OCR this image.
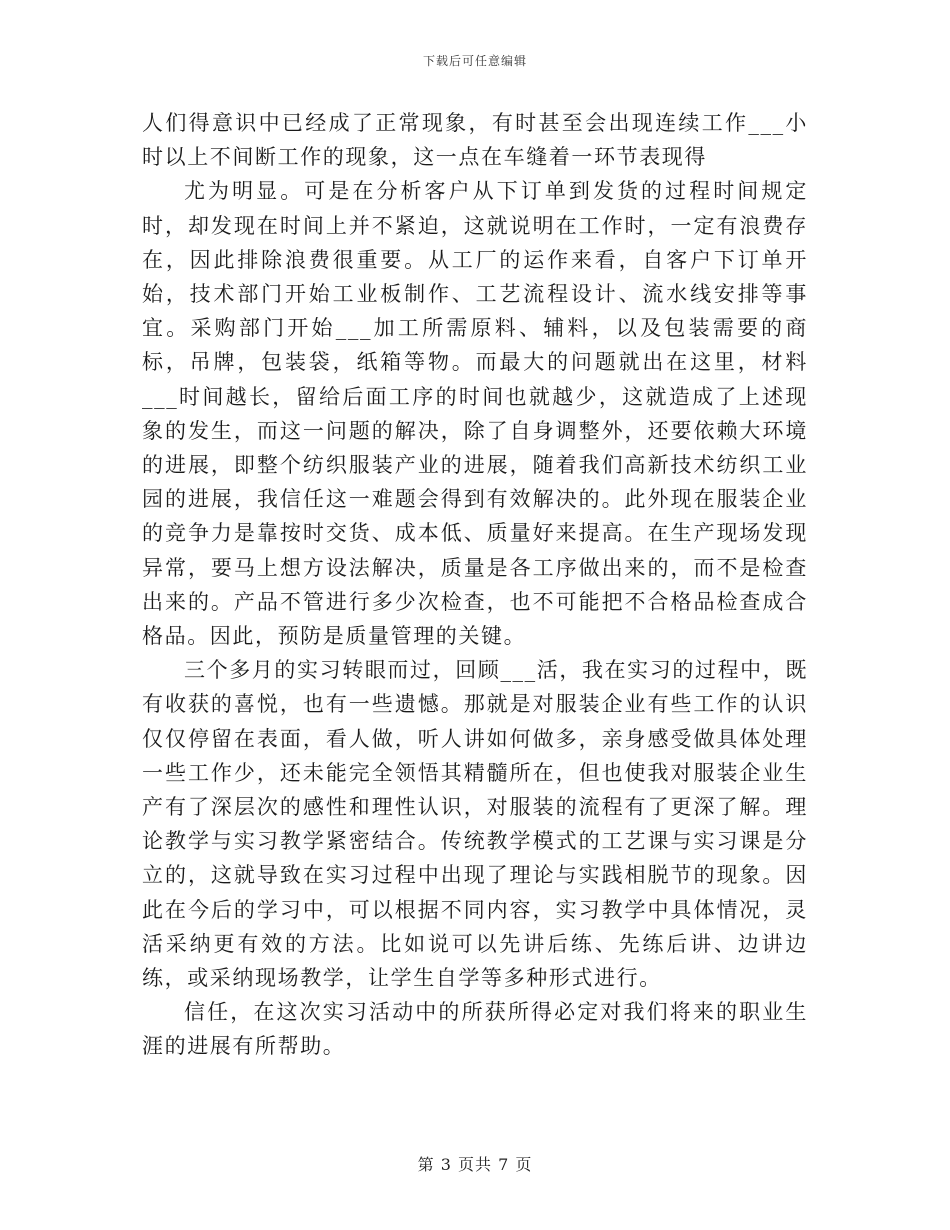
下载后可任意编辑

人们得意识中已经成了正常现象，有时甚至会出现连续工作___小时以上不间断工作的现象，这一点在车缝着一环节表现得

尤为明显。可是在分析客户从下订单到发货的过程时间规定时，却发现在时间上并不紧迫，这就说明在工作时，一定有浪费存在，因此排除浪费很重要。从工厂的运作来看，自客户下订单开始，技术部门开始工业板制作、工艺流程设计、流水线安排等事宜。采购部门开始___加工所需原料、辅料，以及包装需要的商标，吊牌，包装袋，纸箱等物。而最大的问题就出在这里，材料___时间越长，留给后面工序的时间也就越少，这就造成了上述现象的发生，而这一问题的解决，除了自身调整外，还要依赖大环境的进展，即整个纺织服装产业的进展，随着我们高新技术纺织工业园的进展，我信任这一难题会得到有效解决的。此外现在服装企业的竞争力是靠按时交货、成本低、质量好来提高。在生产现场发现异常，要马上想方设法解决，质量是各工序做出来的，而不是检查出来的。产品不管进行多少次检查，也不可能把不合格品检查成合格品。因此，预防是质量管理的关键。

三个多月的实习转眼而过，回顾___活，我在实习的过程中，既有收获的喜悦，也有一些遗憾。那就是对服装企业有些工作的认识仅仅停留在表面，看人做，听人讲如何做多，亲身感受做具体处理一些工作少，还未能完全领悟其精髓所在，但也使我对服装企业生产有了深层次的感性和理性认识，对服装的流程有了更深了解。理论教学与实习教学紧密结合。传统教学模式的工艺课与实习课是分立的，这就导致在实习过程中出现了理论与实践相脱节的现象。因此在今后的学习中，可以根据不同内容，实习教学中具体情况，灵活采纳更有效的方法。比如说可以先讲后练、先练后讲、边讲边练，或采纳现场教学，让学生自学等多种形式进行。

信任，在这次实习活动中的所获所得必定对我们将来的职业生涯的进展有所帮助。

第 3 页共 7 页
